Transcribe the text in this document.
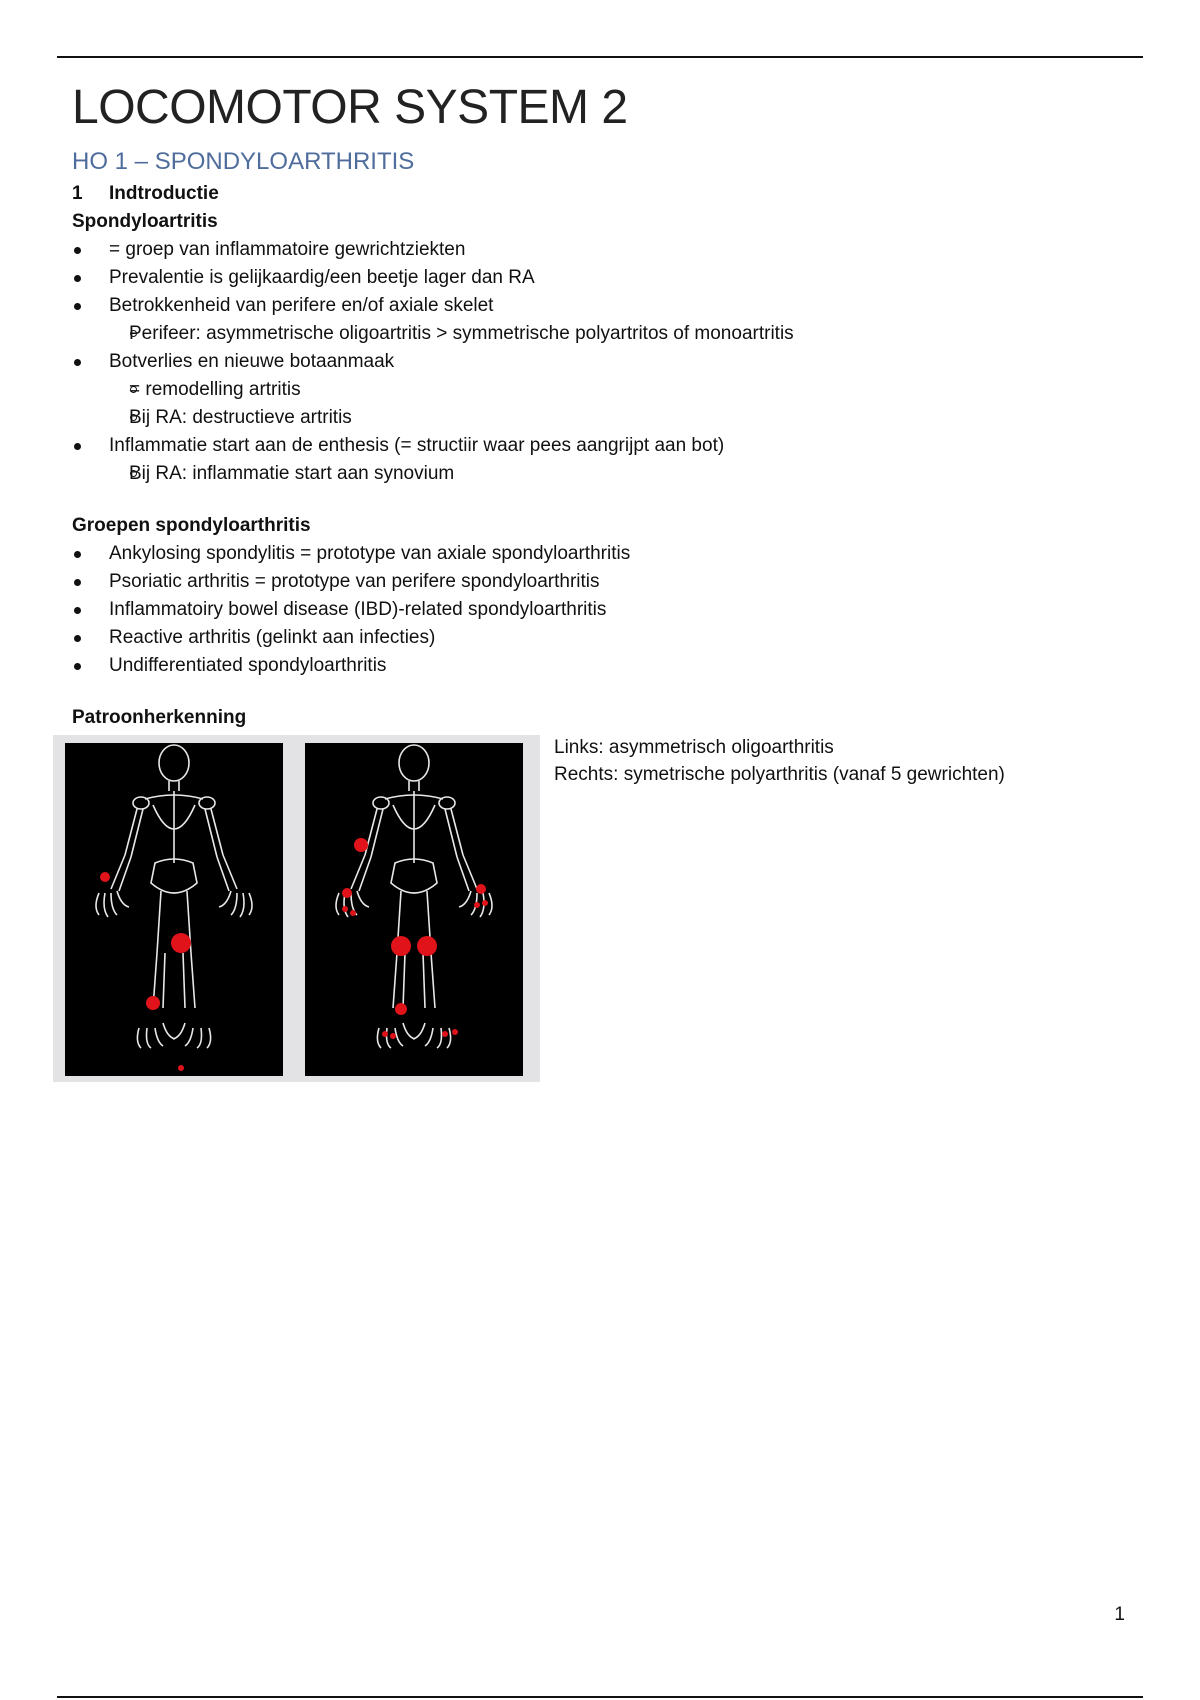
LOCOMOTOR SYSTEM 2
HO 1 – SPONDYLOARTHRITIS
1	Indtroductie
Spondyloartritis
= groep van inflammatoire gewrichtziekten
Prevalentie is gelijkaardig/een beetje lager dan RA
Betrokkenheid van perifere en/of axiale skelet
Perifeer: asymmetrische oligoartritis > symmetrische polyartritos of monoartritis
Botverlies en nieuwe botaanmaak
= remodelling artritis
Bij RA: destructieve artritis
Inflammatie start aan de enthesis (= structiir waar pees aangrijpt aan bot)
Bij RA: inflammatie start aan synovium
Groepen spondyloarthritis
Ankylosing spondylitis = prototype van axiale spondyloarthritis
Psoriatic arthritis = prototype van perifere spondyloarthritis
Inflammatoiry bowel disease (IBD)-related spondyloarthritis
Reactive arthritis (gelinkt aan infecties)
Undifferentiated spondyloarthritis
Patroonherkenning
Links: asymmetrisch oligoarthritis
Rechts: symetrische polyarthritis (vanaf 5 gewrichten)
1
